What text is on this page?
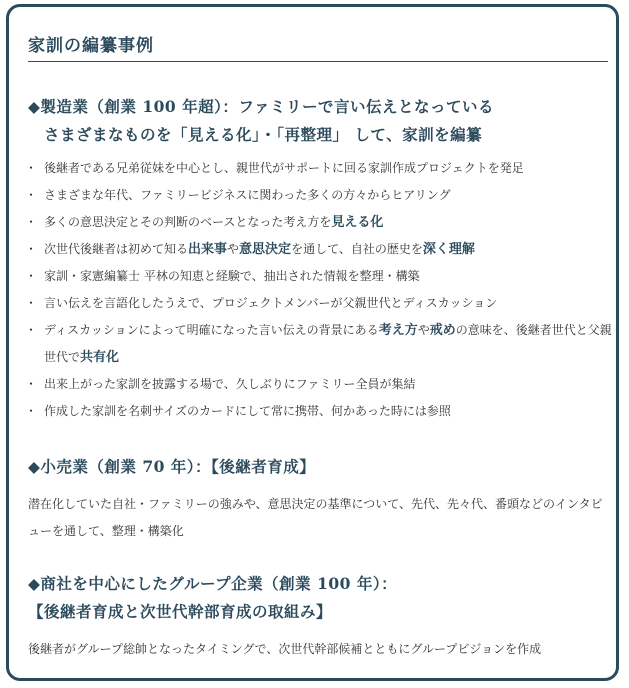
家訓の編纂事例
◆製造業（創業 100 年超）：ファミリーで言い伝えとなっている
さまざまなものを「見える化」・「再整理」 して、家訓を編纂
・ 後継者である兄弟従妹を中心とし、親世代がサポートに回る家訓作成プロジェクトを発足
・ さまざまな年代、ファミリービジネスに関わった多くの方々からヒアリング
・ 多くの意思決定とその判断のベースとなった考え方を見える化
・ 次世代後継者は初めて知る出来事や意思決定を通して、自社の歴史を深く理解
・ 家訓・家憲編纂士 平林の知恵と経験で、抽出された情報を整理・構築
・ 言い伝えを言語化したうえで、プロジェクトメンバーが父親世代とディスカッション
・ ディスカッションによって明確になった言い伝えの背景にある考え方や戒めの意味を、後継者世代と父親世代で共有化
・ 出来上がった家訓を披露する場で、久しぶりにファミリー全員が集結
・ 作成した家訓を名刺サイズのカードにして常に携帯、何かあった時には参照
◆小売業（創業 70 年）：【後継者育成】
潜在化していた自社・ファミリーの強みや、意思決定の基準について、先代、先々代、番頭などのインタビューを通して、整理・構築化
◆商社を中心にしたグループ企業（創業 100 年）：
【後継者育成と次世代幹部育成の取組み】
後継者がグループ総帥となったタイミングで、次世代幹部候補とともにグループビジョンを作成
